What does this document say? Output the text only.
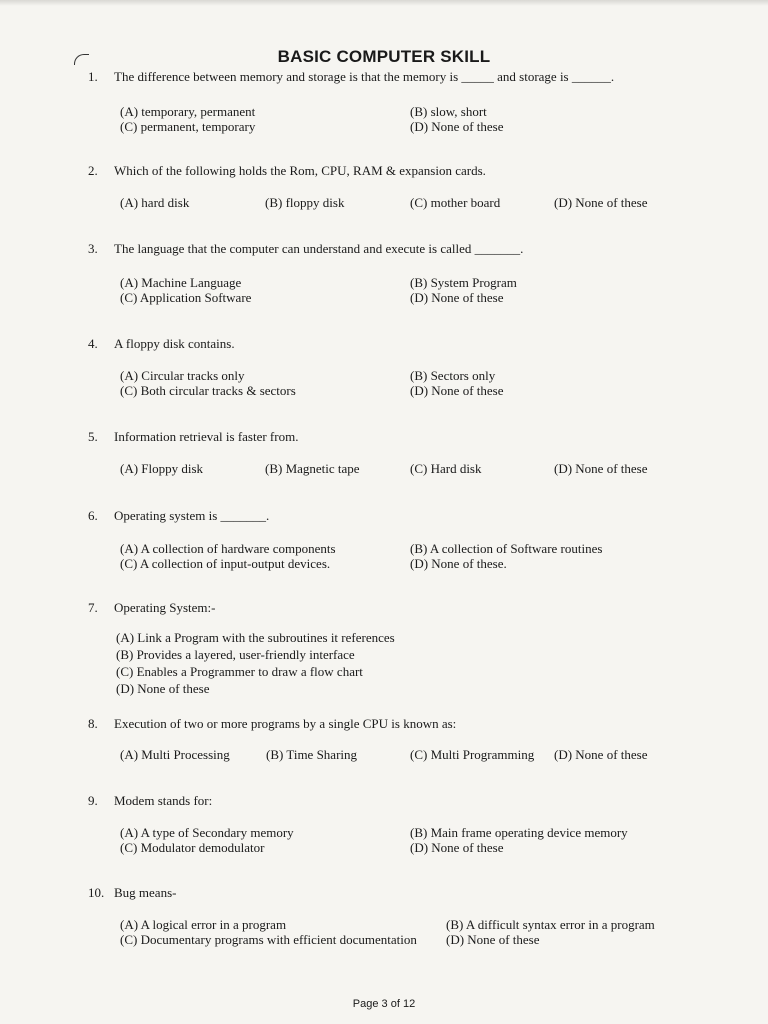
BASIC COMPUTER SKILL
1.	The difference between memory and storage is that the memory is _____ and storage is ______.
(A) temporary, permanent	(B) slow, short
(C) permanent, temporary	(D) None of these
2.	Which of the following holds the Rom, CPU, RAM & expansion cards.
(A) hard disk	(B) floppy disk	(C) mother board	(D) None of these
3.	The language that the computer can understand and execute is called _______.
(A) Machine Language	(B) System Program
(C) Application Software	(D) None of these
4.	A floppy disk contains.
(A) Circular tracks only	(B) Sectors only
(C) Both circular tracks & sectors	(D) None of these
5.	Information retrieval is faster from.
(A) Floppy disk	(B) Magnetic tape	(C) Hard disk	(D) None of these
6.	Operating system is _______.
(A) A collection of hardware components	(B) A collection of Software routines
(C) A collection of input-output devices.	(D) None of these.
7.	Operating System:-
(A) Link a Program with the subroutines it references
(B) Provides a layered, user-friendly interface
(C) Enables a Programmer to draw a flow chart
(D) None of these
8.	Execution of two or more programs by a single CPU is known as:
(A) Multi Processing	(B) Time Sharing	(C) Multi Programming (D) None of these
9.	Modem stands for:
(A) A type of Secondary memory	(B) Main frame operating device memory
(C) Modulator demodulator	(D) None of these
10. Bug means-
(A) A logical error in a program	(B) A difficult syntax error in a program
(C) Documentary programs with efficient documentation (D) None of these
Page 3 of 12
